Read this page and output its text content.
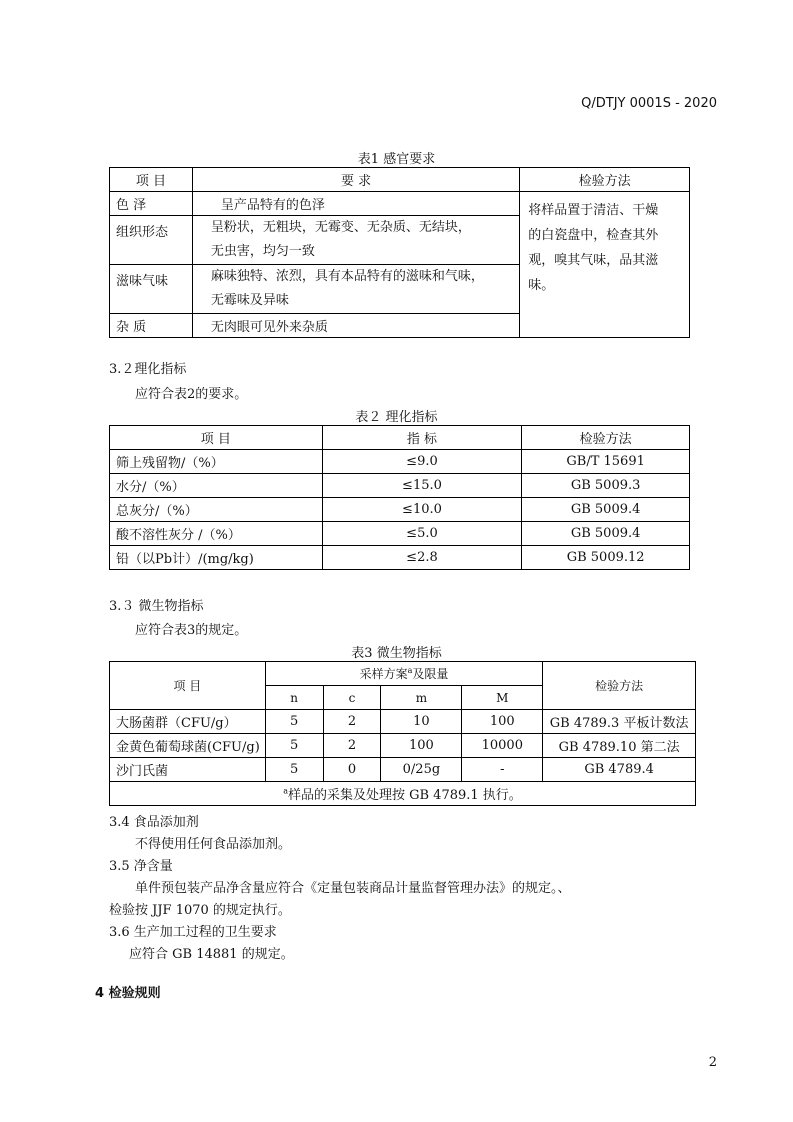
Q/DTJY 0001S - 2020
表1 感官要求
项 目	要 求	检验方法
色 泽	呈产品特有的色泽	将样品置于清洁、干燥
的白瓷盘中，检查其外
观，嗅其气味，品其滋
味。

组织形态	呈粉状，无粗块，无霉变、无杂质、无结块，
无虫害，均匀一致	

滋味气味	麻味独特、浓烈，具有本品特有的滋味和气味，
无霉味及异味	

杂 质	无肉眼可见外来杂质	
3.２理化指标
应符合表2的要求。
表２ 理化指标
项 目	指 标	检验方法
筛上残留物/（%）	≤9.0	GB/T 15691
水分/（%）	≤15.0	GB 5009.3
总灰分/（%）	≤10.0	GB 5009.4
酸不溶性灰分 /（%）	≤5.0	GB 5009.4
铅（以Pb计）/(mg/kg)	≤2.8	GB 5009.12
3.３ 微生物指标
应符合表3的规定。
表3 微生物指标
项 目	采样方案$^a$及限量				检验方法
	n	c	m	M	
大肠菌群（CFU/g）	5	2	10	100	GB 4789.3 平板计数法
金黄色葡萄球菌(CFU/g)	5	2	100	10000	GB 4789.10 第二法
沙门氏菌	5	0	0/25g	-	GB 4789.4
$^a$样品的采集及处理按 GB 4789.1 执行。					
3.4 食品添加剂
不得使用任何食品添加剂。
3.5 净含量
单件预包装产品净含量应符合《定量包装商品计量监督管理办法》的规定。、
检验按 JJF 1070 的规定执行。
3.6 生产加工过程的卫生要求
应符合 GB 14881 的规定。
4 检验规则
2
